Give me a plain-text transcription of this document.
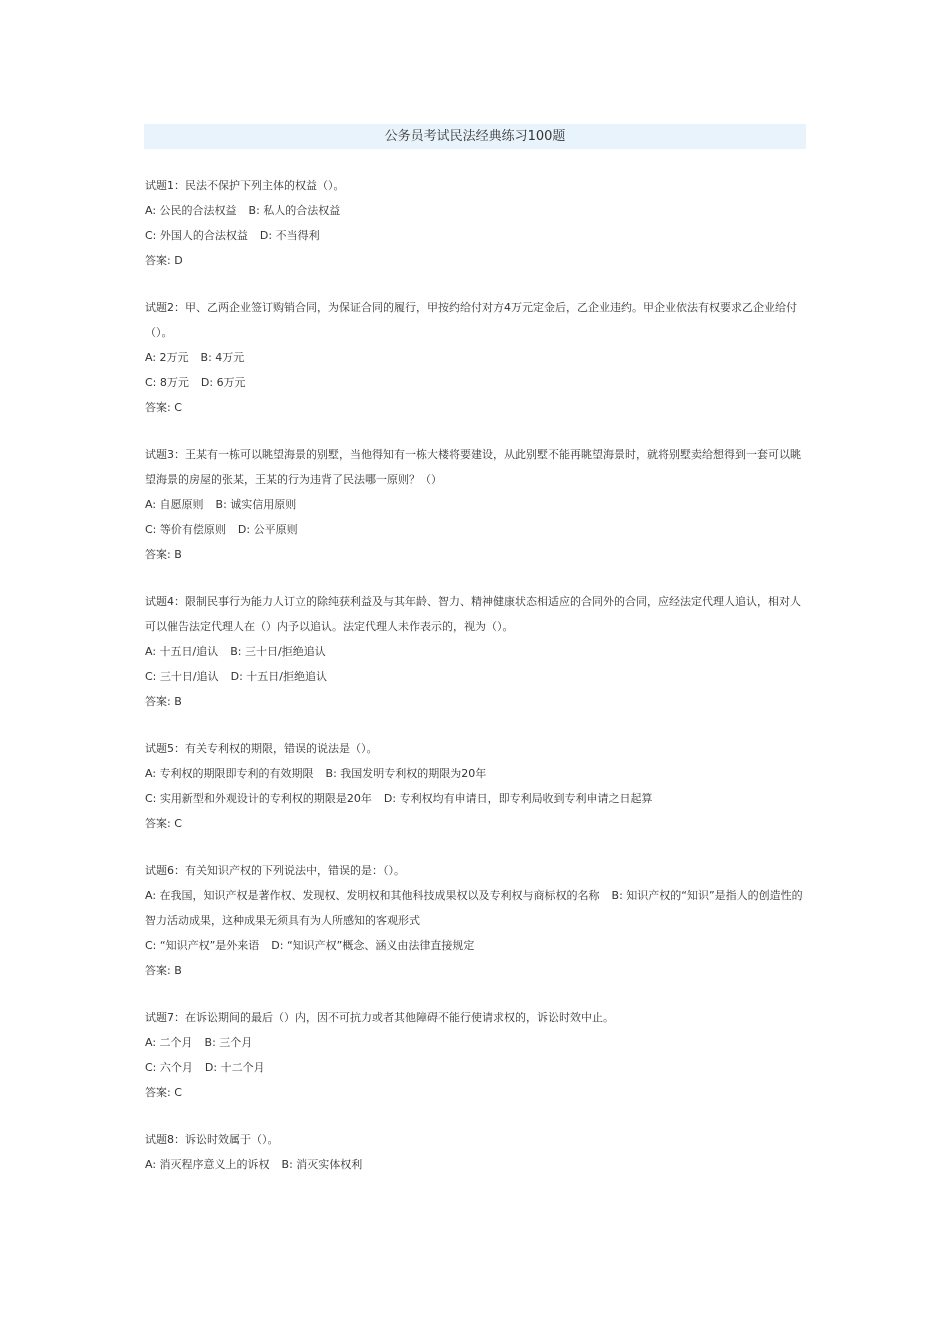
公务员考试民法经典练习100题
试题1：民法不保护下列主体的权益（）。
A: 公民的合法权益 B: 私人的合法权益
C: 外国人的合法权益 D: 不当得利
答案: D
试题2：甲、乙两企业签订购销合同，为保证合同的履行，甲按约给付对方4万元定金后，乙企业违约。甲企业依法有权要求乙企业给付（）。
A: 2万元 B: 4万元
C: 8万元 D: 6万元
答案: C
试题3：王某有一栋可以眺望海景的别墅，当他得知有一栋大楼将要建设，从此别墅不能再眺望海景时，就将别墅卖给想得到一套可以眺望海景的房屋的张某，王某的行为违背了民法哪一原则？（）
A: 自愿原则 B: 诚实信用原则
C: 等价有偿原则 D: 公平原则
答案: B
试题4：限制民事行为能力人订立的除纯获利益及与其年龄、智力、精神健康状态相适应的合同外的合同，应经法定代理人追认，相对人可以催告法定代理人在（）内予以追认。法定代理人未作表示的，视为（）。
A: 十五日/追认 B: 三十日/拒绝追认
C: 三十日/追认 D: 十五日/拒绝追认
答案: B
试题5：有关专利权的期限，错误的说法是（）。
A: 专利权的期限即专利的有效期限 B: 我国发明专利权的期限为20年
C: 实用新型和外观设计的专利权的期限是20年 D: 专利权均有申请日，即专利局收到专利申请之日起算
答案: C
试题6：有关知识产权的下列说法中，错误的是：（）。
A: 在我国，知识产权是著作权、发现权、发明权和其他科技成果权以及专利权与商标权的名称 B: 知识产权的“知识”是指人的创造性的智力活动成果，这种成果无须具有为人所感知的客观形式
C: “知识产权”是外来语 D: “知识产权”概念、涵义由法律直接规定
答案: B
试题7：在诉讼期间的最后（）内，因不可抗力或者其他障碍不能行使请求权的，诉讼时效中止。
A: 二个月 B: 三个月
C: 六个月 D: 十二个月
答案: C
试题8：诉讼时效属于（）。
A: 消灭程序意义上的诉权 B: 消灭实体权利
